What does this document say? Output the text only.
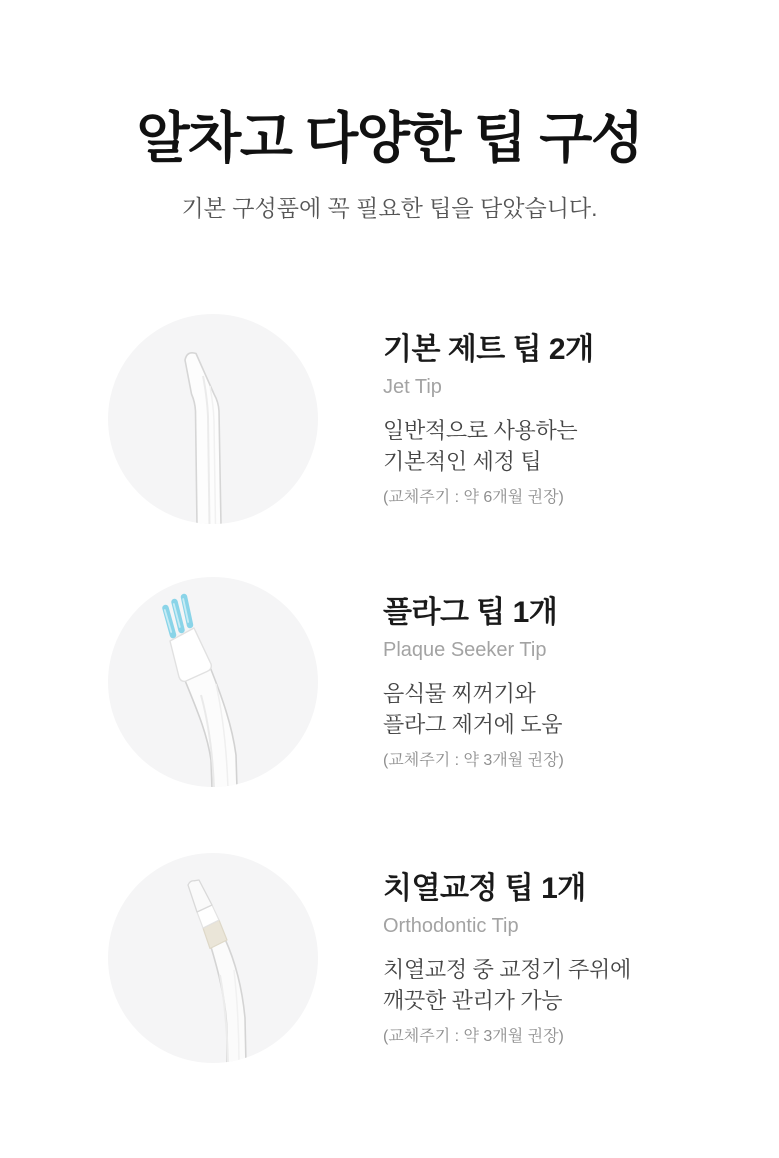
알차고 다양한 팁 구성

기본 구성품에 꼭 필요한 팁을 담았습니다.

기본 제트 팁 2개
Jet Tip

일반적으로 사용하는
기본적인 세정 팁

(교체주기 : 약 6개월 권장)
플라그 팁 1개
Plaque Seeker Tip

음식물 찌꺼기와
플라그 제거에 도움

(교체주기 : 약 3개월 권장)
치열교정 팁 1개
Orthodontic Tip

치열교정 중 교정기 주위에
깨끗한 관리가 가능

(교체주기 : 약 3개월 권장)
